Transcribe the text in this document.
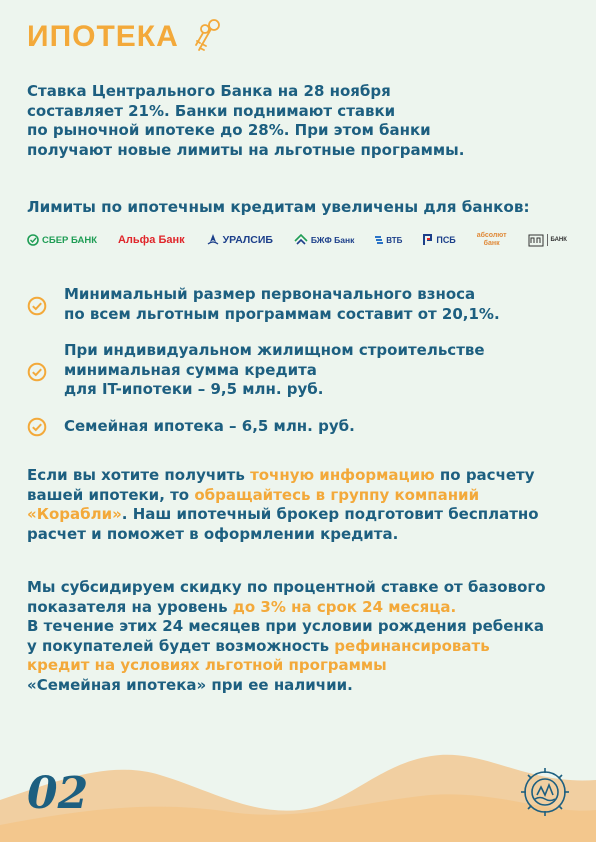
ИПОТЕКА

Ставка Центрального Банка на 28 ноября
составляет 21%. Банки поднимают ставки
по рыночной ипотеке до 28%. При этом банки
получают новые лимиты на льготные программы.

Лимиты по ипотечным кредитам увеличены для банков:

СБЕР БАНК Альфа Банк	УРАЛСИБ	БЖФ Банк	ВТБ	ПСБ	абсолют
банк	БАНК

Минимальный размер первоначального взноса
по всем льготным программам составит от 20,1%.

При индивидуальном жилищном строительстве
минимальная сумма кредита
для IT-ипотеки – 9,5 млн. руб.

Семейная ипотека – 6,5 млн. руб.

Если вы хотите получить точную информацию по расчету
вашей ипотеки, то обращайтесь в группу компаний
«Корабли». Наш ипотечный брокер подготовит бесплатно
расчет и поможет в оформлении кредита.

Мы субсидируем скидку по процентной ставке от базового
показателя на уровень до 3% на срок 24 месяца.
В течение этих 24 месяцев при условии рождения ребенка
у покупателей будет возможность рефинансировать
кредит на условиях льготной программы
«Семейная ипотека» при ее наличии.

02
